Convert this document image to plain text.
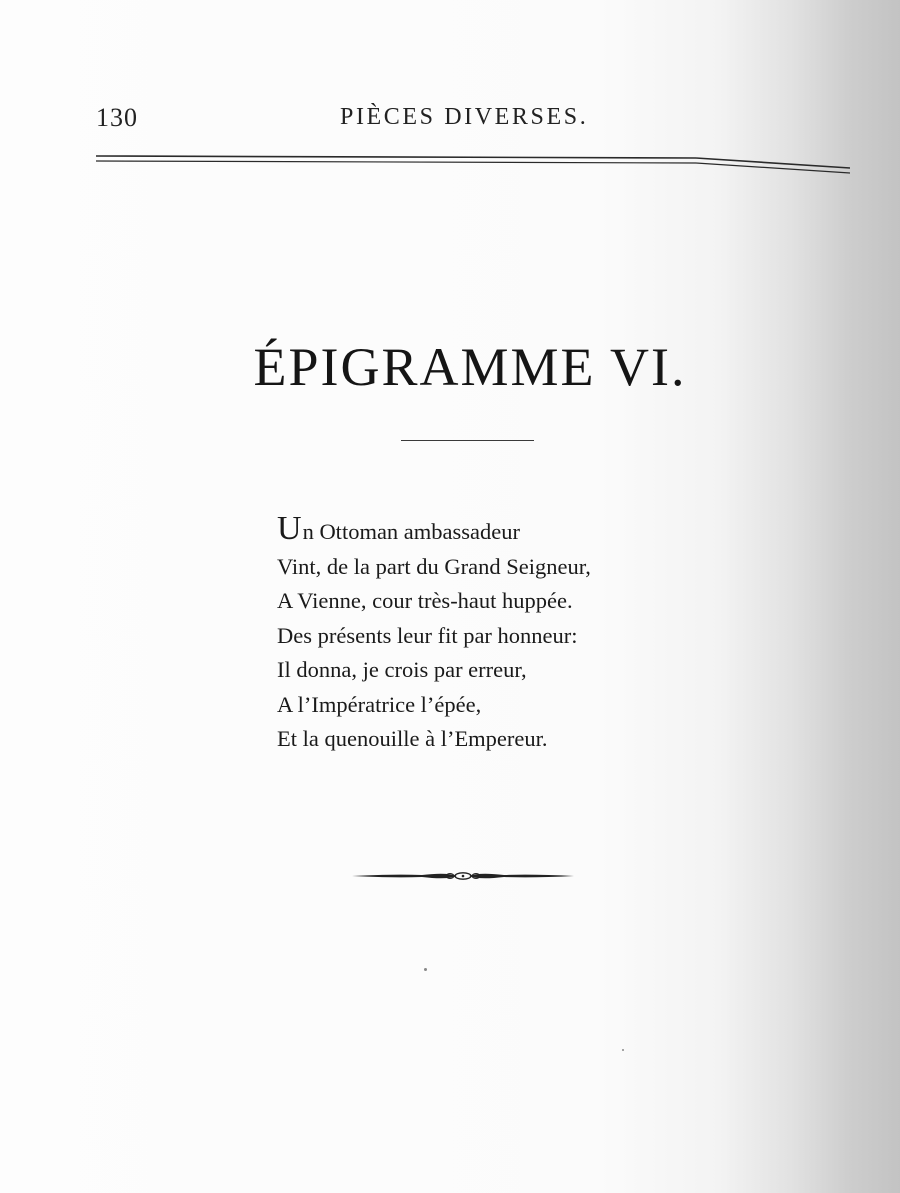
130	PIÈCES DIVERSES.
ÉPIGRAMME VI.
Un Ottoman ambassadeur
Vint, de la part du Grand Seigneur,
A Vienne, cour très-haut huppée.
Des présents leur fit par honneur:
Il donna, je crois par erreur,
A l’Impératrice l’épée,
Et la quenouille à l’Empereur.
